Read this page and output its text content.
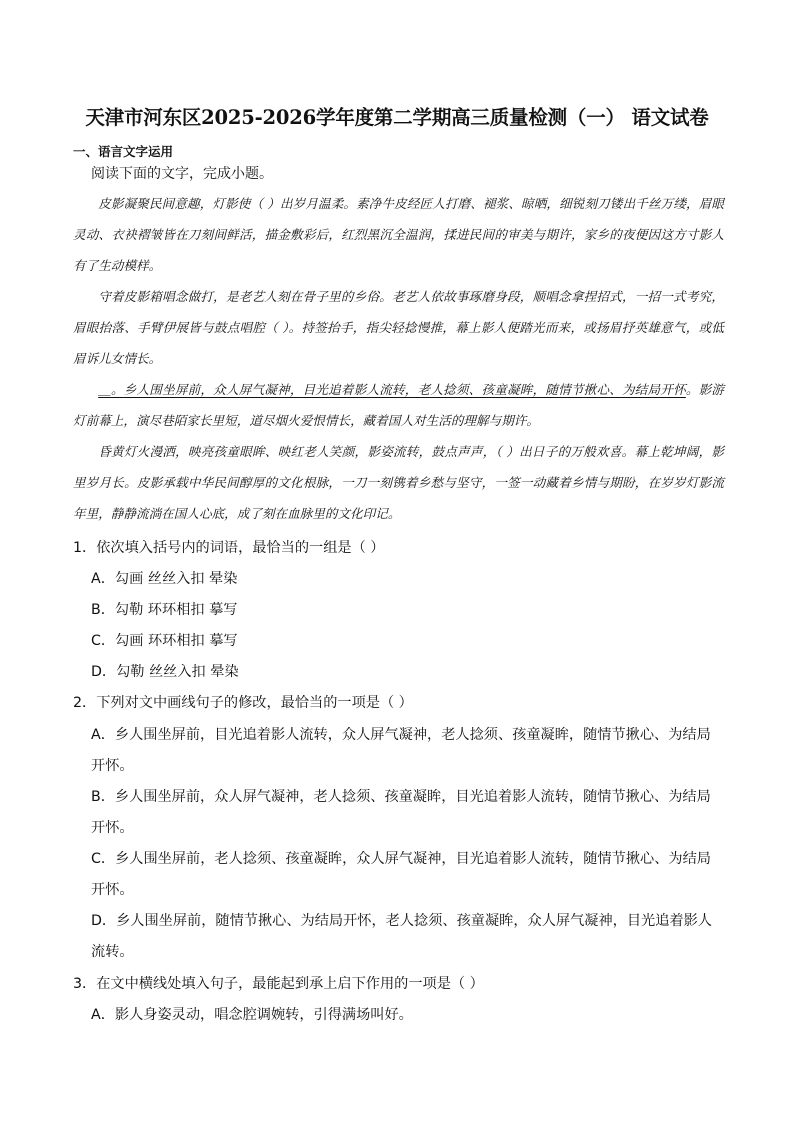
天津市河东区2025-2026学年度第二学期高三质量检测（一） 语文试卷

一、语言文字运用

阅读下面的文字，完成小题。

皮影凝聚民间意趣，灯影使（ ）出岁月温柔。素净牛皮经匠人打磨、褪浆、晾晒，细锐刻刀镂出千丝万缕，眉眼灵动、衣袂褶皱皆在刀刻间鲜活，描金敷彩后，红烈黑沉全温润，揉进民间的审美与期许，家乡的夜便因这方寸影人有了生动模样。

守着皮影箱唱念做打，是老艺人刻在骨子里的乡俗。老艺人依故事琢磨身段，顺唱念拿捏招式，一招一式考究，眉眼抬落、手臂伊展皆与鼓点唱腔（ ）。持签抬手，指尖轻捻慢推，幕上影人便踏光而来，或扬眉抒英雄意气，或低眉诉儿女情长。

＿。乡人围坐屏前，众人屏气凝神，目光追着影人流转，老人捻须、孩童凝眸，随情节揪心、为结局开怀。影游灯前幕上，演尽巷陌家长里短，道尽烟火爱恨情长，藏着国人对生活的理解与期许。

昏黄灯火漫洒，映亮孩童眼眸、映红老人笑颜，影姿流转，鼓点声声，（ ）出日子的万般欢喜。幕上乾坤阔，影里岁月长。皮影承载中华民间醇厚的文化根脉，一刀一刻镌着乡愁与坚守，一签一动藏着乡情与期盼，在岁岁灯影流年里，静静流淌在国人心底，成了刻在血脉里的文化印记。

1．依次填入括号内的词语，最恰当的一组是（ ）

A．勾画 丝丝入扣 晕染

B．勾勒 环环相扣 摹写

C．勾画 环环相扣 摹写

D．勾勒 丝丝入扣 晕染

2．下列对文中画线句子的修改，最恰当的一项是（ ）

A．乡人围坐屏前，目光追着影人流转，众人屏气凝神，老人捻须、孩童凝眸，随情节揪心、为结局开怀。

B．乡人围坐屏前，众人屏气凝神，老人捻须、孩童凝眸，目光追着影人流转，随情节揪心、为结局开怀。

C．乡人围坐屏前，老人捻须、孩童凝眸，众人屏气凝神，目光追着影人流转，随情节揪心、为结局开怀。

D．乡人围坐屏前，随情节揪心、为结局开怀，老人捻须、孩童凝眸，众人屏气凝神，目光追着影人流转。

3．在文中横线处填入句子，最能起到承上启下作用的一项是（ ）

A．影人身姿灵动，唱念腔调婉转，引得满场叫好。
